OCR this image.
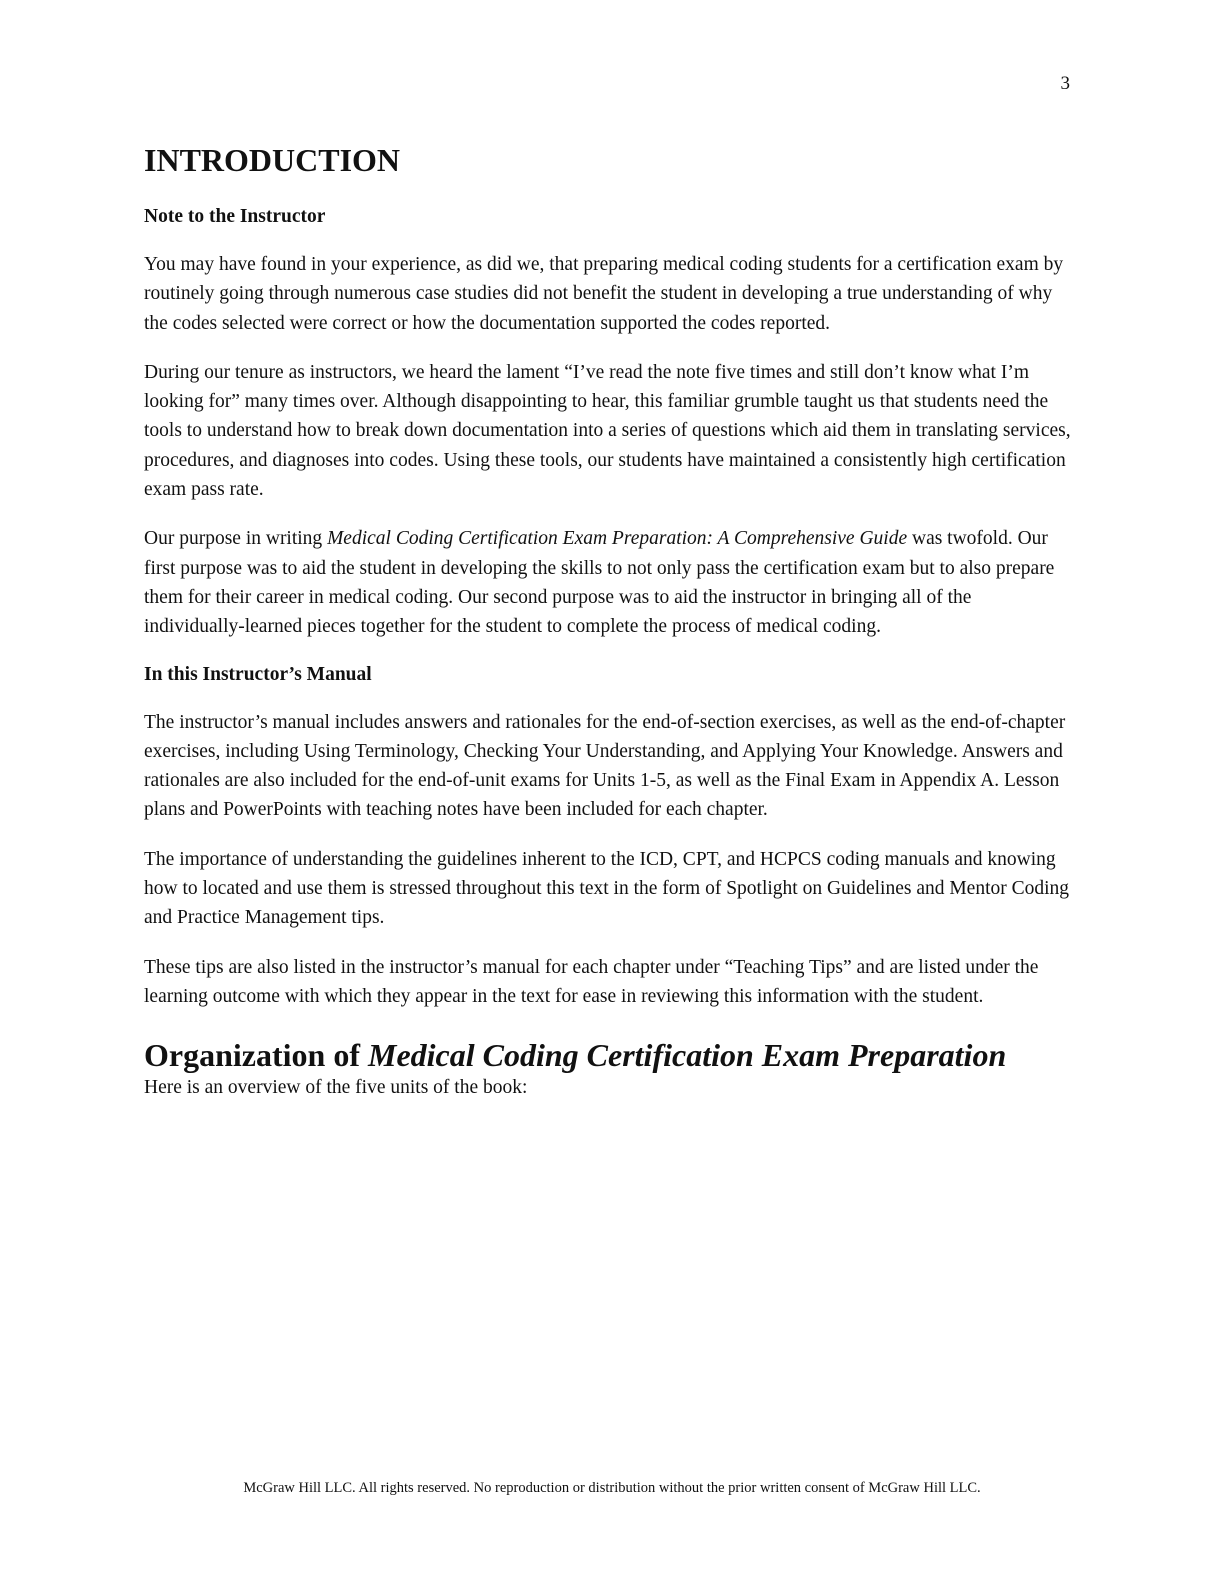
3
INTRODUCTION
Note to the Instructor

You may have found in your experience, as did we, that preparing medical coding students for a certification exam by routinely going through numerous case studies did not benefit the student in developing a true understanding of why the codes selected were correct or how the documentation supported the codes reported.

During our tenure as instructors, we heard the lament “I’ve read the note five times and still don’t know what I’m looking for” many times over. Although disappointing to hear, this familiar grumble taught us that students need the tools to understand how to break down documentation into a series of questions which aid them in translating services, procedures, and diagnoses into codes. Using these tools, our students have maintained a consistently high certification exam pass rate.

Our purpose in writing Medical Coding Certification Exam Preparation: A Comprehensive Guide was twofold. Our first purpose was to aid the student in developing the skills to not only pass the certification exam but to also prepare them for their career in medical coding. Our second purpose was to aid the instructor in bringing all of the individually-learned pieces together for the student to complete the process of medical coding.

In this Instructor’s Manual

The instructor’s manual includes answers and rationales for the end-of-section exercises, as well as the end-of-chapter exercises, including Using Terminology, Checking Your Understanding, and Applying Your Knowledge. Answers and rationales are also included for the end-of-unit exams for Units 1-5, as well as the Final Exam in Appendix A. Lesson plans and PowerPoints with teaching notes have been included for each chapter.

The importance of understanding the guidelines inherent to the ICD, CPT, and HCPCS coding manuals and knowing how to located and use them is stressed throughout this text in the form of Spotlight on Guidelines and Mentor Coding and Practice Management tips.

These tips are also listed in the instructor’s manual for each chapter under “Teaching Tips” and are listed under the learning outcome with which they appear in the text for ease in reviewing this information with the student.

Organization of Medical Coding Certification Exam Preparation

Here is an overview of the five units of the book:

McGraw Hill LLC. All rights reserved. No reproduction or distribution without the prior written consent of McGraw Hill LLC.
